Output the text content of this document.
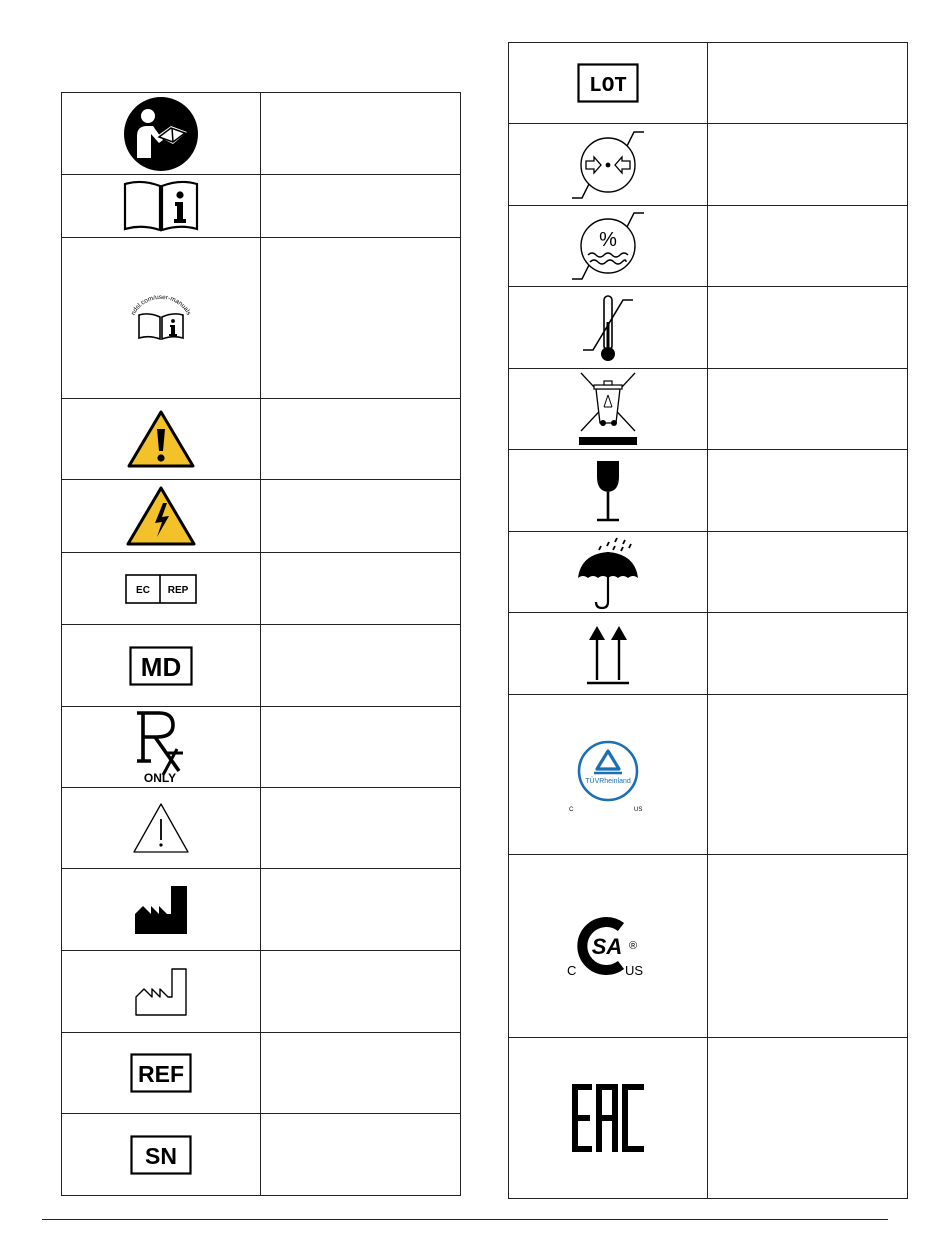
ndsl.com/user-manuals	

EC REP	

MD	

ONLY	

REF	

SN	

LOT	

%	

TÜVRheinland
C US	

SA
C US
®	
